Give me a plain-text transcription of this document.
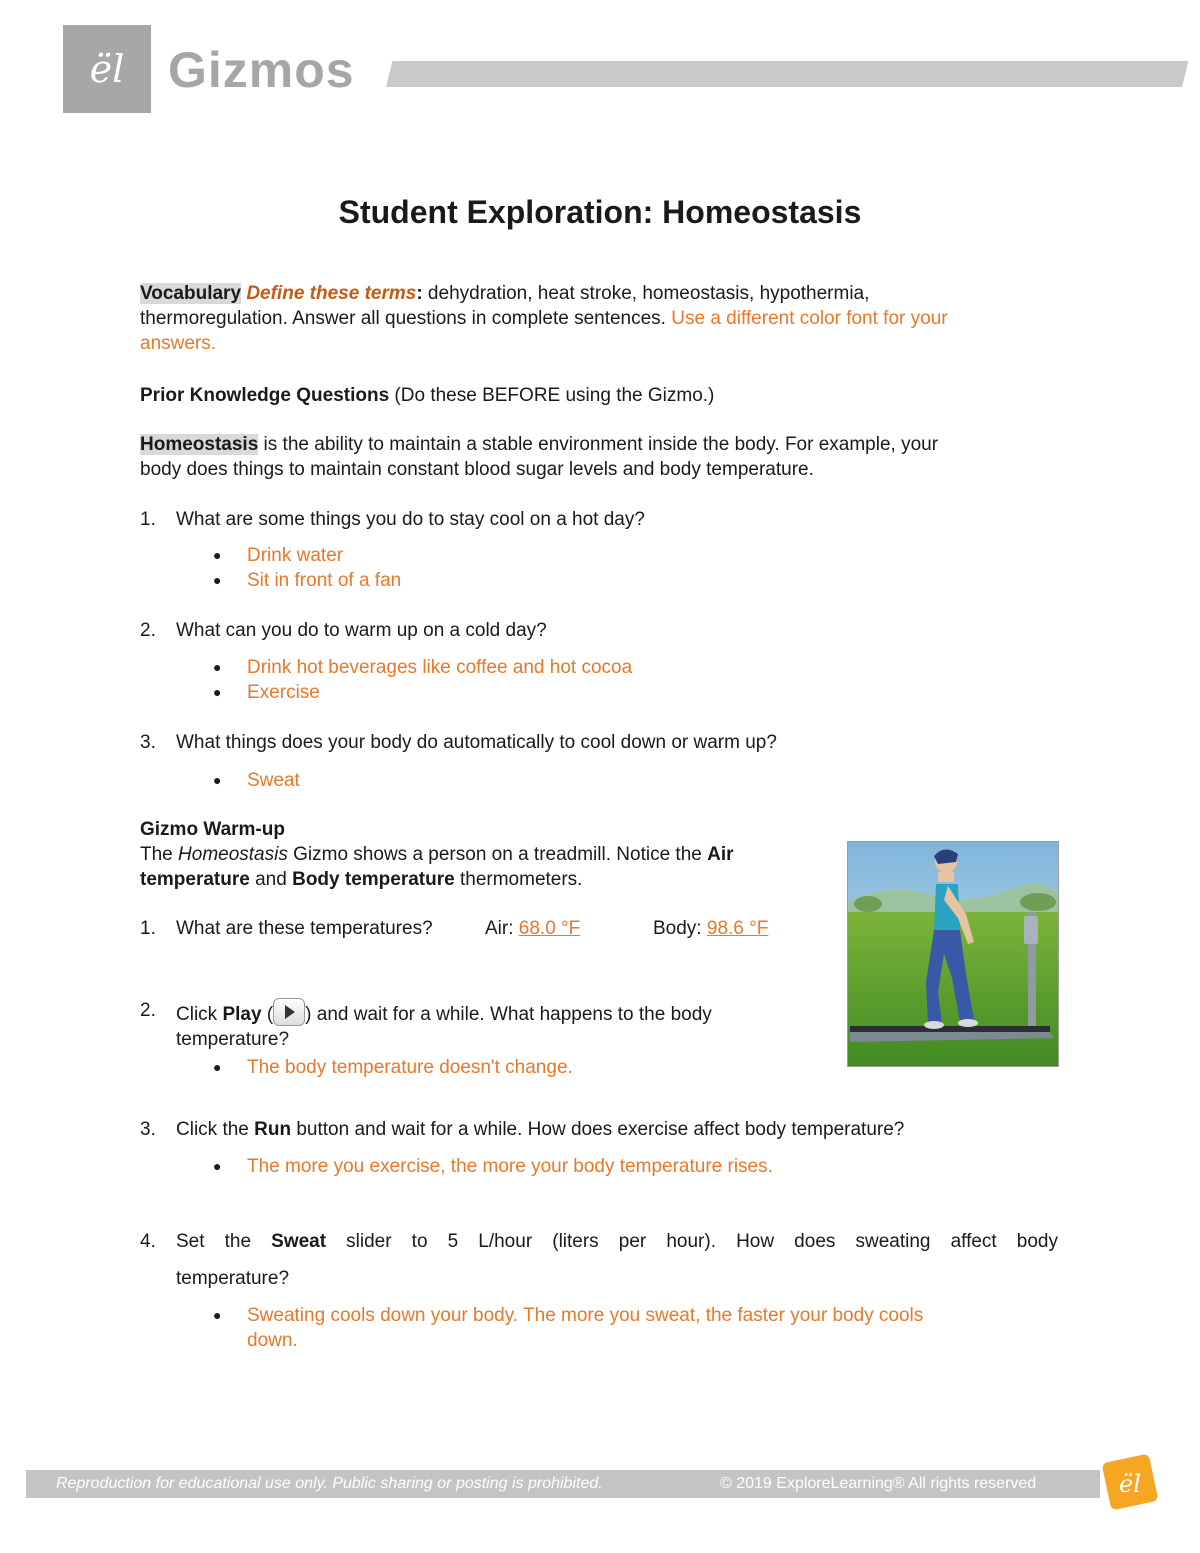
ël Gizmos
Student Exploration: Homeostasis
Vocabulary Define these terms: dehydration, heat stroke, homeostasis, hypothermia,
thermoregulation. Answer all questions in complete sentences. Use a different color font for your
answers.
Prior Knowledge Questions (Do these BEFORE using the Gizmo.)
Homeostasis is the ability to maintain a stable environment inside the body. For example, your
body does things to maintain constant blood sugar levels and body temperature.
1. What are some things you do to stay cool on a hot day?
● Drink water
● Sit in front of a fan
2. What can you do to warm up on a cold day?
● Drink hot beverages like coffee and hot cocoa
● Exercise
3. What things does your body do automatically to cool down or warm up?
● Sweat
Gizmo Warm-up
The Homeostasis Gizmo shows a person on a treadmill. Notice the Air
temperature and Body temperature thermometers.
1. What are these temperatures?	Air: 68.0 °F	Body: 98.6 °F
2. Click Play ( ) and wait for a while. What happens to the body
temperature?
● The body temperature doesn't change.
3. Click the Run button and wait for a while. How does exercise affect body temperature?
● The more you exercise, the more your body temperature rises.
4. Set the Sweat slider to 5 L/hour (liters per hour). How does sweating affect body
temperature?
● Sweating cools down your body. The more you sweat, the faster your body cools
down.
Reproduction for educational use only. Public sharing or posting is prohibited.	© 2019 ExploreLearning® All rights reserved	ël
